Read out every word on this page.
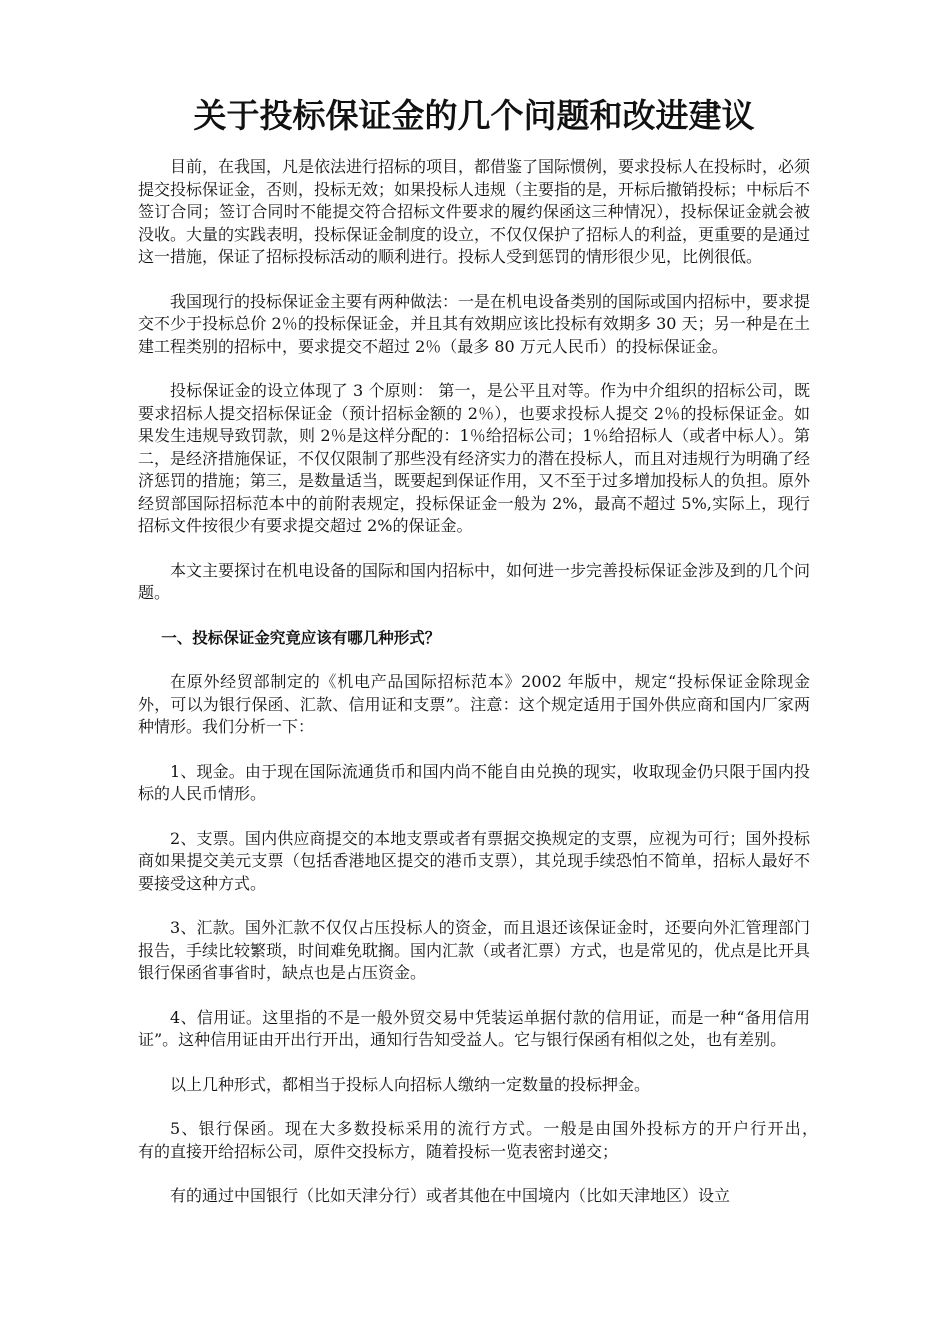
关于投标保证金的几个问题和改进建议

目前，在我国，凡是依法进行招标的项目，都借鉴了国际惯例，要求投标人在投标时，必须提交投标保证金，否则，投标无效；如果投标人违规（主要指的是，开标后撤销投标；中标后不签订合同；签订合同时不能提交符合招标文件要求的履约保函这三种情况），投标保证金就会被没收。大量的实践表明，投标保证金制度的设立，不仅仅保护了招标人的利益，更重要的是通过这一措施，保证了招标投标活动的顺利进行。投标人受到惩罚的情形很少见，比例很低。

我国现行的投标保证金主要有两种做法：一是在机电设备类别的国际或国内招标中，要求提交不少于投标总价 2％的投标保证金，并且其有效期应该比投标有效期多 30 天；另一种是在土建工程类别的招标中，要求提交不超过 2％（最多 80 万元人民币）的投标保证金。

投标保证金的设立体现了 3 个原则： 第一，是公平且对等。作为中介组织的招标公司，既要求招标人提交招标保证金（预计招标金额的 2％），也要求投标人提交 2％的投标保证金。如果发生违规导致罚款，则 2％是这样分配的：1％给招标公司；1％给招标人（或者中标人）。第二，是经济措施保证，不仅仅限制了那些没有经济实力的潜在投标人，而且对违规行为明确了经济惩罚的措施；第三，是数量适当，既要起到保证作用，又不至于过多增加投标人的负担。原外经贸部国际招标范本中的前附表规定，投标保证金一般为 2%，最高不超过 5%,实际上，现行招标文件按很少有要求提交超过 2%的保证金。

本文主要探讨在机电设备的国际和国内招标中，如何进一步完善投标保证金涉及到的几个问题。

一、投标保证金究竟应该有哪几种形式？

在原外经贸部制定的《机电产品国际招标范本》2002 年版中，规定“投标保证金除现金外，可以为银行保函、汇款、信用证和支票”。注意：这个规定适用于国外供应商和国内厂家两种情形。我们分析一下：

1、现金。由于现在国际流通货币和国内尚不能自由兑换的现实，收取现金仍只限于国内投标的人民币情形。

2、支票。国内供应商提交的本地支票或者有票据交换规定的支票，应视为可行；国外投标商如果提交美元支票（包括香港地区提交的港币支票），其兑现手续恐怕不简单，招标人最好不要接受这种方式。

3、汇款。国外汇款不仅仅占压投标人的资金，而且退还该保证金时，还要向外汇管理部门报告，手续比较繁琐，时间难免耽搁。国内汇款（或者汇票）方式，也是常见的，优点是比开具银行保函省事省时，缺点也是占压资金。

4、信用证。这里指的不是一般外贸交易中凭装运单据付款的信用证，而是一种“备用信用证”。这种信用证由开出行开出，通知行告知受益人。它与银行保函有相似之处，也有差别。

以上几种形式，都相当于投标人向招标人缴纳一定数量的投标押金。

5、银行保函。现在大多数投标采用的流行方式。一般是由国外投标方的开户行开出，　　有的直接开给招标公司，原件交投标方，随着投标一览表密封递交；

有的通过中国银行（比如天津分行）或者其他在中国境内（比如天津地区）设立
